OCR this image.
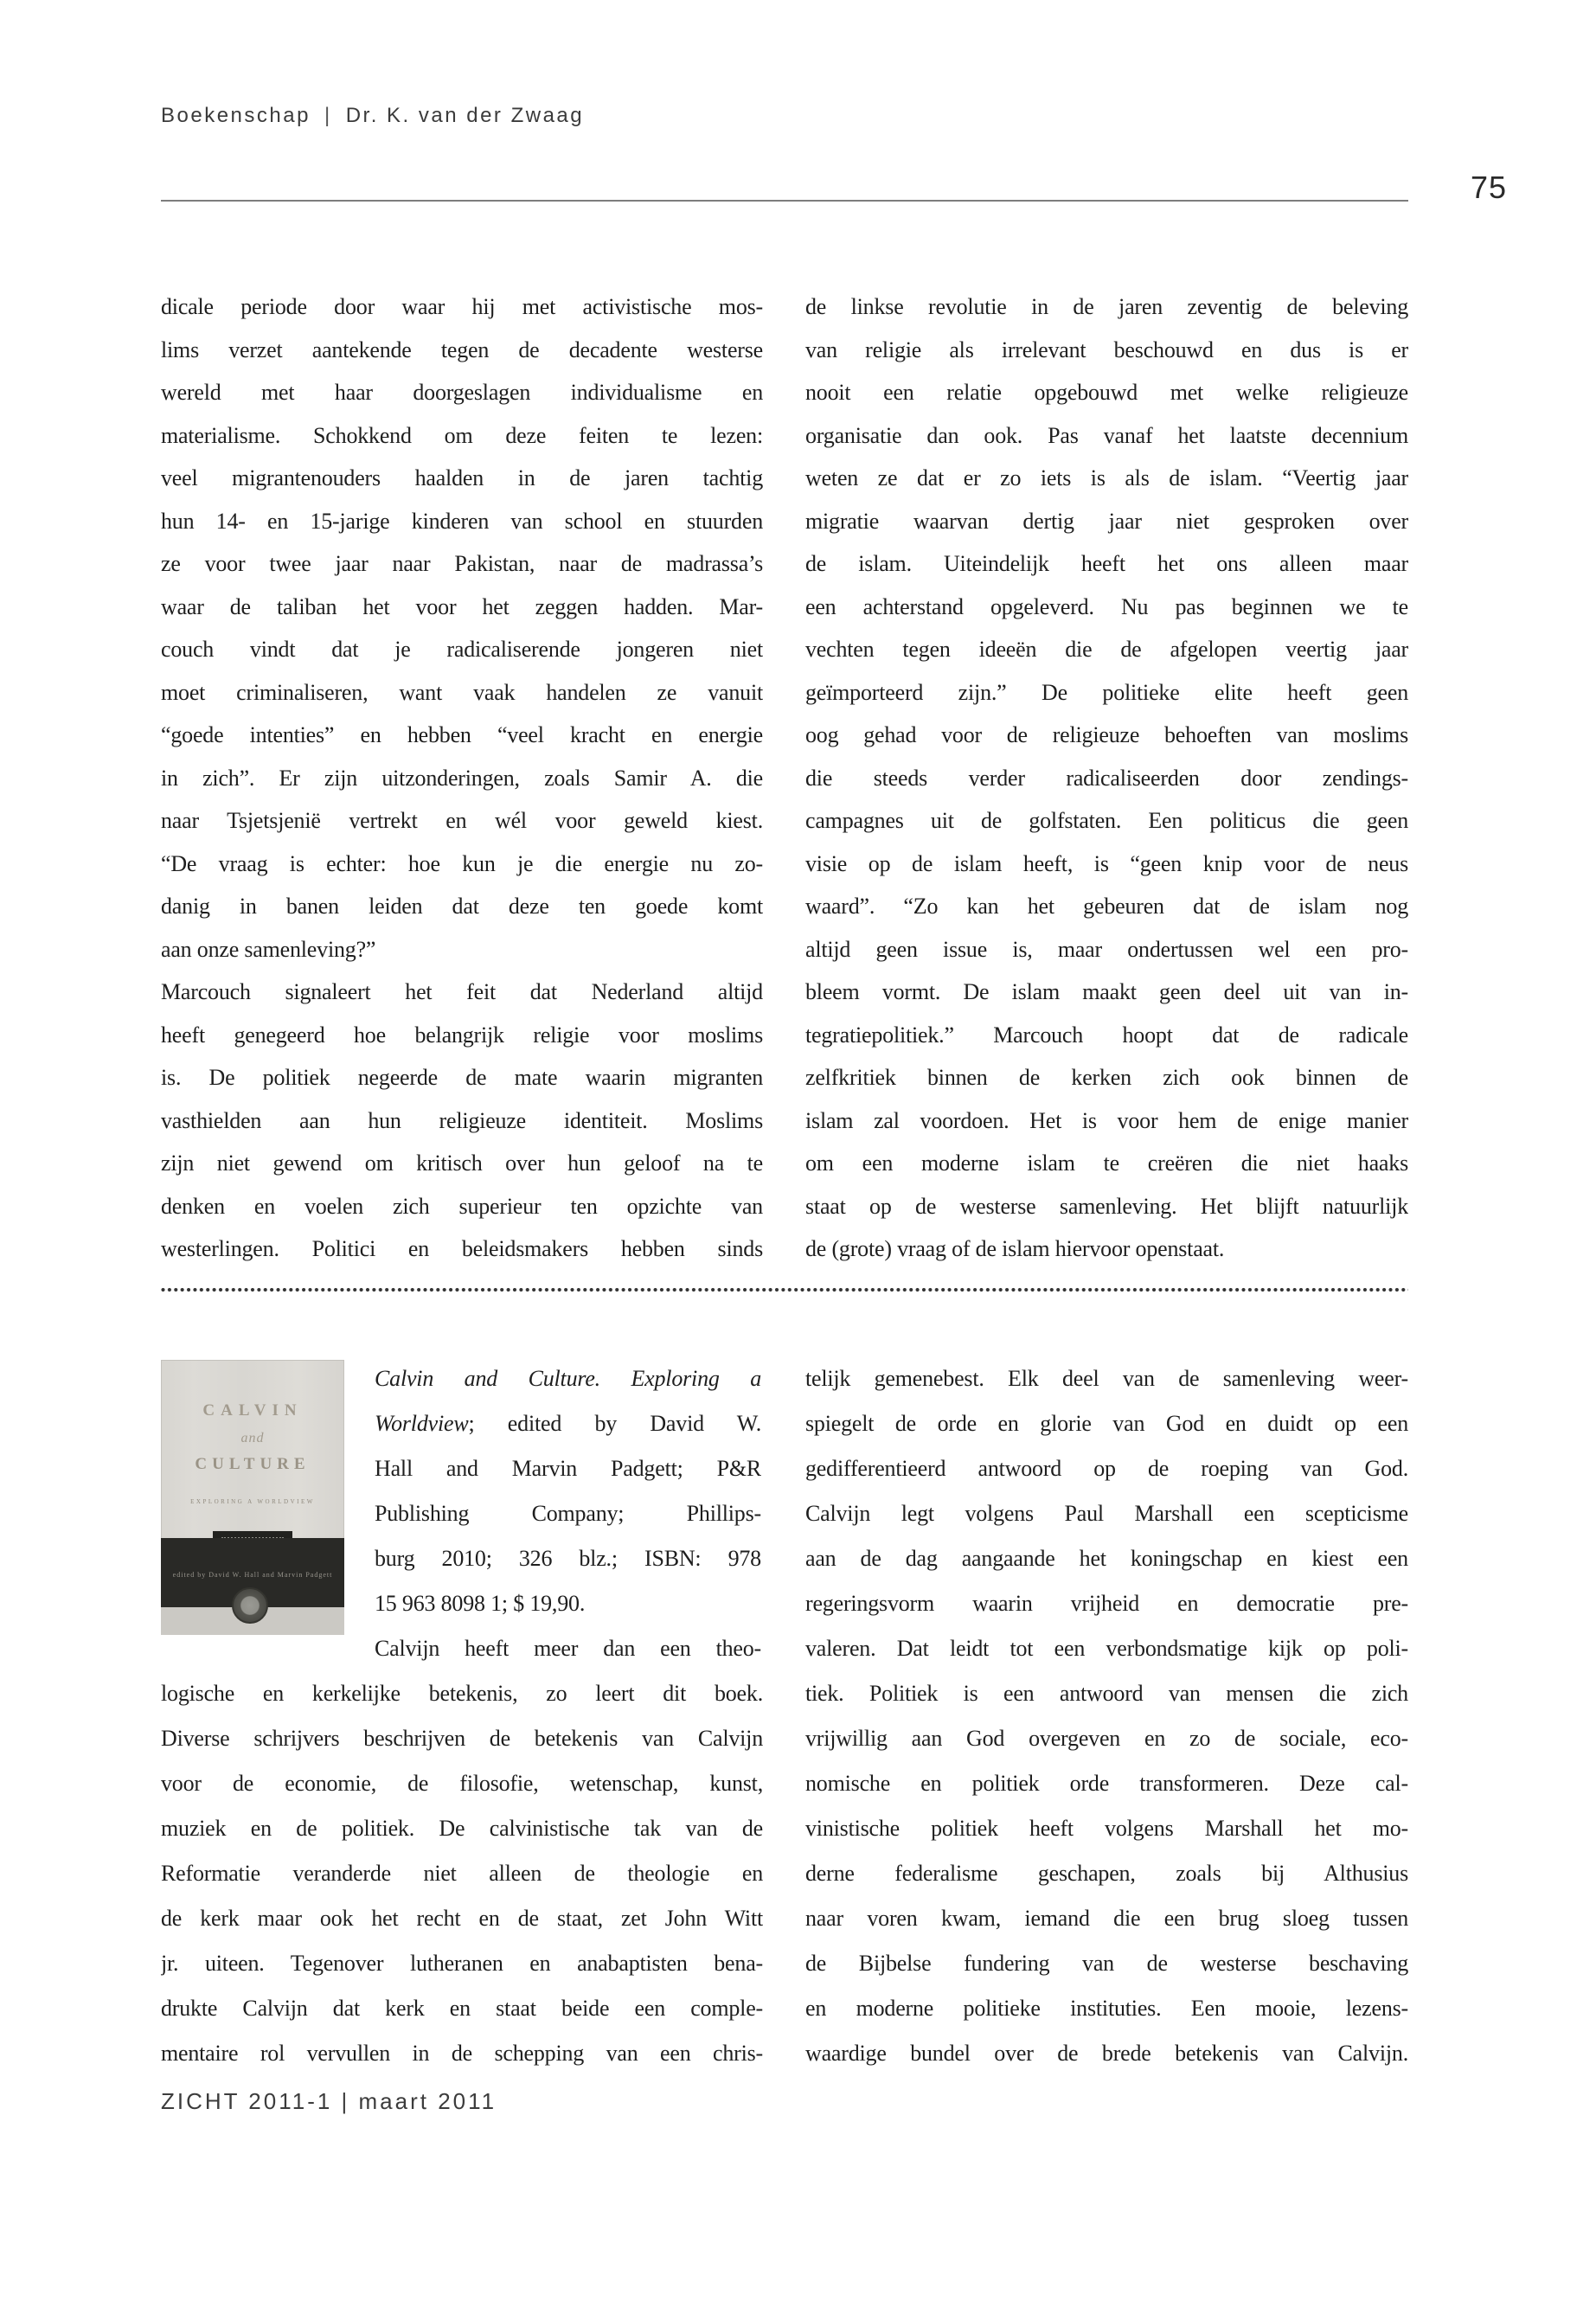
Boekenschap | Dr. K. van der Zwaag
75
dicale periode door waar hij met activistische mos-
lims verzet aantekende tegen de decadente westerse
wereld met haar doorgeslagen individualisme en
materialisme. Schokkend om deze feiten te lezen:
veel migrantenouders haalden in de jaren tachtig
hun 14- en 15-jarige kinderen van school en stuurden
ze voor twee jaar naar Pakistan, naar de madrassa’s
waar de taliban het voor het zeggen hadden. Mar-
couch vindt dat je radicaliserende jongeren niet
moet criminaliseren, want vaak handelen ze vanuit
“goede intenties” en hebben “veel kracht en energie
in zich”. Er zijn uitzonderingen, zoals Samir A. die
naar Tsjetsjenië vertrekt en wél voor geweld kiest.
“De vraag is echter: hoe kun je die energie nu zo-
danig in banen leiden dat deze ten goede komt
aan onze samenleving?”
Marcouch signaleert het feit dat Nederland altijd
heeft genegeerd hoe belangrijk religie voor moslims
is. De politiek negeerde de mate waarin migranten
vasthielden aan hun religieuze identiteit. Moslims
zijn niet gewend om kritisch over hun geloof na te
denken en voelen zich superieur ten opzichte van
westerlingen. Politici en beleidsmakers hebben sinds
de linkse revolutie in de jaren zeventig de beleving
van religie als irrelevant beschouwd en dus is er
nooit een relatie opgebouwd met welke religieuze
organisatie dan ook. Pas vanaf het laatste decennium
weten ze dat er zo iets is als de islam. “Veertig jaar
migratie waarvan dertig jaar niet gesproken over
de islam. Uiteindelijk heeft het ons alleen maar
een achterstand opgeleverd. Nu pas beginnen we te
vechten tegen ideeën die de afgelopen veertig jaar
geïmporteerd zijn.” De politieke elite heeft geen
oog gehad voor de religieuze behoeften van moslims
die steeds verder radicaliseerden door zendings-
campagnes uit de golfstaten. Een politicus die geen
visie op de islam heeft, is “geen knip voor de neus
waard”. “Zo kan het gebeuren dat de islam nog
altijd geen issue is, maar ondertussen wel een pro-
bleem vormt. De islam maakt geen deel uit van in-
tegratiepolitiek.” Marcouch hoopt dat de radicale
zelfkritiek binnen de kerken zich ook binnen de
islam zal voordoen. Het is voor hem de enige manier
om een moderne islam te creëren die niet haaks
staat op de westerse samenleving. Het blijft natuurlijk
de (grote) vraag of de islam hiervoor openstaat.
CALVIN
and
CULTURE
EXPLORING A WORLDVIEW
edited by David W. Hall and Marvin Padgett
Calvin and Culture. Exploring a
Worldview; edited by David W.
Hall and Marvin Padgett; P&R
Publishing Company; Phillips-
burg 2010; 326 blz.; ISBN: 978
15 963 8098 1; $ 19,90.
Calvijn heeft meer dan een theo-
logische en kerkelijke betekenis, zo leert dit boek.
Diverse schrijvers beschrijven de betekenis van Calvijn
voor de economie, de filosofie, wetenschap, kunst,
muziek en de politiek. De calvinistische tak van de
Reformatie veranderde niet alleen de theologie en
de kerk maar ook het recht en de staat, zet John Witt
jr. uiteen. Tegenover lutheranen en anabaptisten bena-
drukte Calvijn dat kerk en staat beide een comple-
mentaire rol vervullen in de schepping van een chris-
telijk gemenebest. Elk deel van de samenleving weer-
spiegelt de orde en glorie van God en duidt op een
gedifferentieerd antwoord op de roeping van God.
Calvijn legt volgens Paul Marshall een scepticisme
aan de dag aangaande het koningschap en kiest een
regeringsvorm waarin vrijheid en democratie pre-
valeren. Dat leidt tot een verbondsmatige kijk op poli-
tiek. Politiek is een antwoord van mensen die zich
vrijwillig aan God overgeven en zo de sociale, eco-
nomische en politiek orde transformeren. Deze cal-
vinistische politiek heeft volgens Marshall het mo-
derne federalisme geschapen, zoals bij Althusius
naar voren kwam, iemand die een brug sloeg tussen
de Bijbelse fundering van de westerse beschaving
en moderne politieke instituties. Een mooie, lezens-
waardige bundel over de brede betekenis van Calvijn.
ZICHT 2011-1 | maart 2011
